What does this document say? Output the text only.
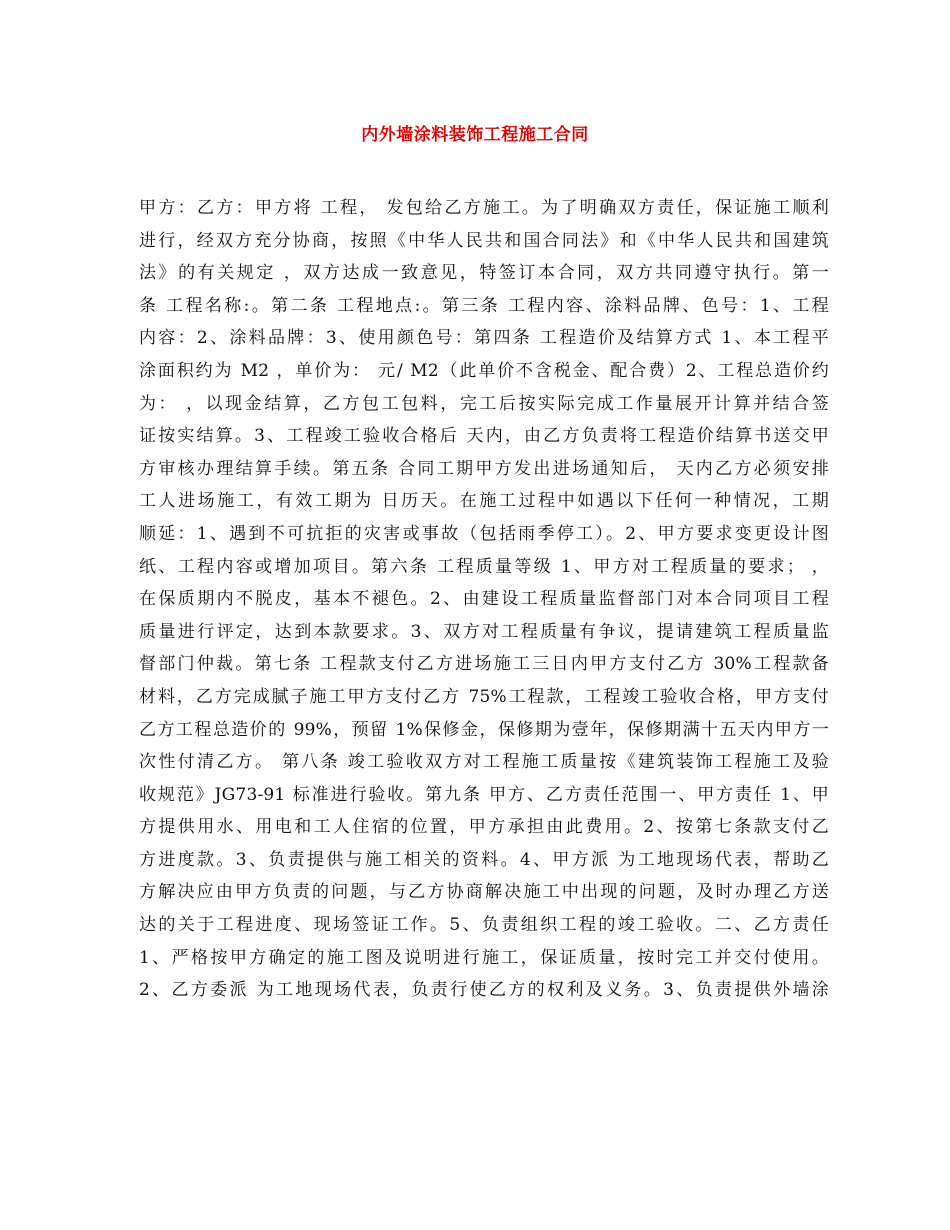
内外墙涂料装饰工程施工合同
甲方：乙方：甲方将 工程， 发包给乙方施工。为了明确双方责任，保证施工顺利
进行，经双方充分协商，按照《中华人民共和国合同法》和《中华人民共和国建筑
法》的有关规定 ，双方达成一致意见，特签订本合同，双方共同遵守执行。第一
条 工程名称:。第二条 工程地点:。第三条 工程内容、涂料品牌、色号：1、工程
内容：2、涂料品牌：3、使用颜色号：第四条 工程造价及结算方式 1、本工程平
涂面积约为 M2 ，单价为： 元/ M2（此单价不含税金、配合费）2、工程总造价约
为： ，以现金结算，乙方包工包料，完工后按实际完成工作量展开计算并结合签
证按实结算。3、工程竣工验收合格后 天内，由乙方负责将工程造价结算书送交甲
方审核办理结算手续。第五条 合同工期甲方发出进场通知后， 天内乙方必须安排
工人进场施工，有效工期为 日历天。在施工过程中如遇以下任何一种情况，工期
顺延：1、遇到不可抗拒的灾害或事故（包括雨季停工）。2、甲方要求变更设计图
纸、工程内容或增加项目。第六条 工程质量等级 1、甲方对工程质量的要求； ，
在保质期内不脱皮，基本不褪色。2、由建设工程质量监督部门对本合同项目工程
质量进行评定，达到本款要求。3、双方对工程质量有争议，提请建筑工程质量监
督部门仲裁。第七条 工程款支付乙方进场施工三日内甲方支付乙方 30%工程款备
材料，乙方完成腻子施工甲方支付乙方 75%工程款，工程竣工验收合格，甲方支付
乙方工程总造价的 99%，预留 1%保修金，保修期为壹年，保修期满十五天内甲方一
次性付清乙方。 第八条 竣工验收双方对工程施工质量按《建筑装饰工程施工及验
收规范》JG73-91 标准进行验收。第九条 甲方、乙方责任范围一、甲方责任 1、甲
方提供用水、用电和工人住宿的位置，甲方承担由此费用。2、按第七条款支付乙
方进度款。3、负责提供与施工相关的资料。4、甲方派 为工地现场代表，帮助乙
方解决应由甲方负责的问题，与乙方协商解决施工中出现的问题，及时办理乙方送
达的关于工程进度、现场签证工作。5、负责组织工程的竣工验收。二、乙方责任
1、严格按甲方确定的施工图及说明进行施工，保证质量，按时完工并交付使用。
2、乙方委派 为工地现场代表，负责行使乙方的权利及义务。3、负责提供外墙涂
